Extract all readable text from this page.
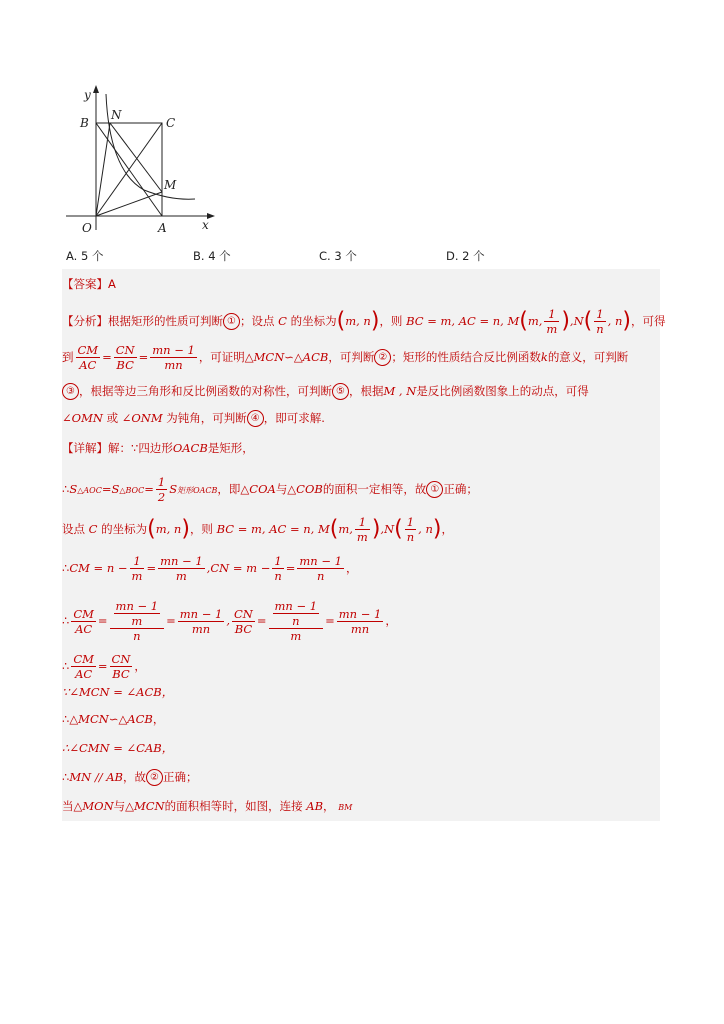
y
x
O	A
B	C
N
M
A. 5 个	B. 4 个	C. 3 个	D. 2 个
【答案】A
【分析】根据矩形的性质可判断 ① ；设点 C 的坐标为(m, n)，则 BC = m, AC = n, M(m, $\frac{1}{m} ),N( \frac{1}{n}$ , n)，可得
到 $\frac{CM}{AC} = \frac{CN}{BC} = \frac{mn - 1}{mn}$ ，可证明△MCN∽△ACB，可判断 ② ；矩形的性质结合反比例函数k的意义，可判断
③ ，根据等边三角形和反比例函数的对称性，可判断 ⑤ ，根据M , N是反比例函数图象上的动点，可得
∠OMN 或 ∠ONM 为钝角，可判断 ④ ，即可求解.
【详解】解：∵四边形OACB是矩形，
∴S△AOC=S△BOC= $\frac{1}{2}$ S矩形OACB，即△COA与△COB的面积一定相等，故 ① 正确；
设点 C 的坐标为(m, n)，则 BC = m, AC = n, M(m, $\frac{1}{m} ),N( \frac{1}{n}$ , n)，
∴CM = $n - \frac{1}{m} = \frac{mn - 1}{m} ,CN = m - \frac{1}{n} = \frac{mn - 1}{n}$ ，
∴ $\frac{CM}{AC} = \frac{\frac{mn - 1}{m}}{n} = \frac{mn - 1}{mn}$ , $\frac{CN}{BC} = \frac{\frac{mn - 1}{n}}{m} = \frac{mn - 1}{mn}$ ，
∴ $\frac{CM}{AC} = \frac{CN}{BC}$ ，
∵∠MCN = ∠ACB，
∴△MCN∽△ACB，
∴∠CMN = ∠CAB，
∴MN // AB，故 ② 正确；
当△MON与△MCN的面积相等时，如图，连接 AB， BM
